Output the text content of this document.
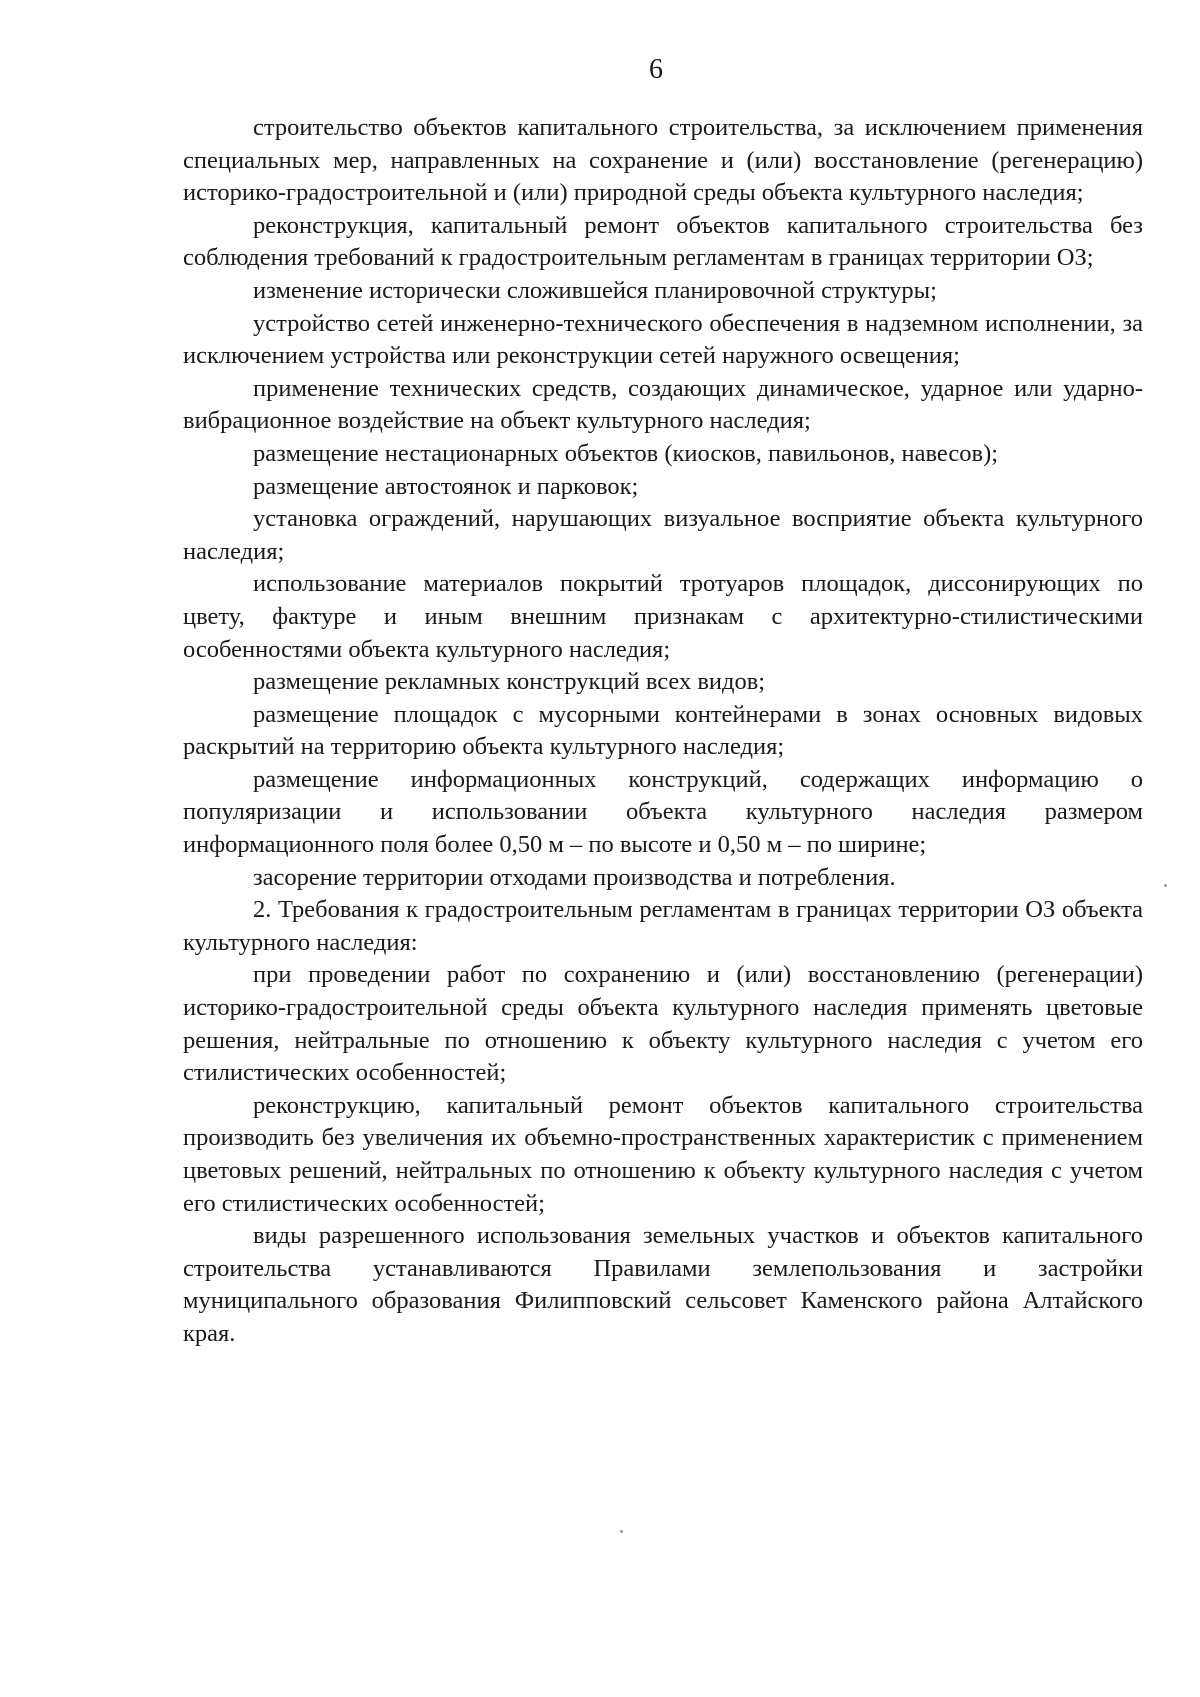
6

строительство объектов капитального строительства, за исключением применения специальных мер, направленных на сохранение и (или) восстановление (регенерацию) историко-градостроительной и (или) природной среды объекта культурного наследия;

реконструкция, капитальный ремонт объектов капитального строительства без соблюдения требований к градостроительным регламентам в границах территории ОЗ;

изменение исторически сложившейся планировочной структуры;

устройство сетей инженерно-технического обеспечения в надземном исполнении, за исключением устройства или реконструкции сетей наружного освещения;

применение технических средств, создающих динамическое, ударное или ударно-вибрационное воздействие на объект культурного наследия;

размещение нестационарных объектов (киосков, павильонов, навесов);

размещение автостоянок и парковок;

установка ограждений, нарушающих визуальное восприятие объекта культурного наследия;

использование материалов покрытий тротуаров площадок, диссонирующих по цвету, фактуре и иным внешним признакам с архитектурно-стилистическими особенностями объекта культурного наследия;

размещение рекламных конструкций всех видов;

размещение площадок с мусорными контейнерами в зонах основных видовых раскрытий на территорию объекта культурного наследия;

размещение информационных конструкций, содержащих информацию о популяризации и использовании объекта культурного наследия размером информационного поля более 0,50 м – по высоте и 0,50 м – по ширине;

засорение территории отходами производства и потребления.

2. Требования к градостроительным регламентам в границах территории ОЗ объекта культурного наследия:

при проведении работ по сохранению и (или) восстановлению (регенерации) историко-градостроительной среды объекта культурного наследия применять цветовые решения, нейтральные по отношению к объекту культурного наследия с учетом его стилистических особенностей;

реконструкцию, капитальный ремонт объектов капитального строительства производить без увеличения их объемно-пространственных характеристик с применением цветовых решений, нейтральных по отношению к объекту культурного наследия с учетом его стилистических особенностей;

виды разрешенного использования земельных участков и объектов капитального строительства устанавливаются Правилами землепользования и застройки муниципального образования Филипповский сельсовет Каменского района Алтайского края.
